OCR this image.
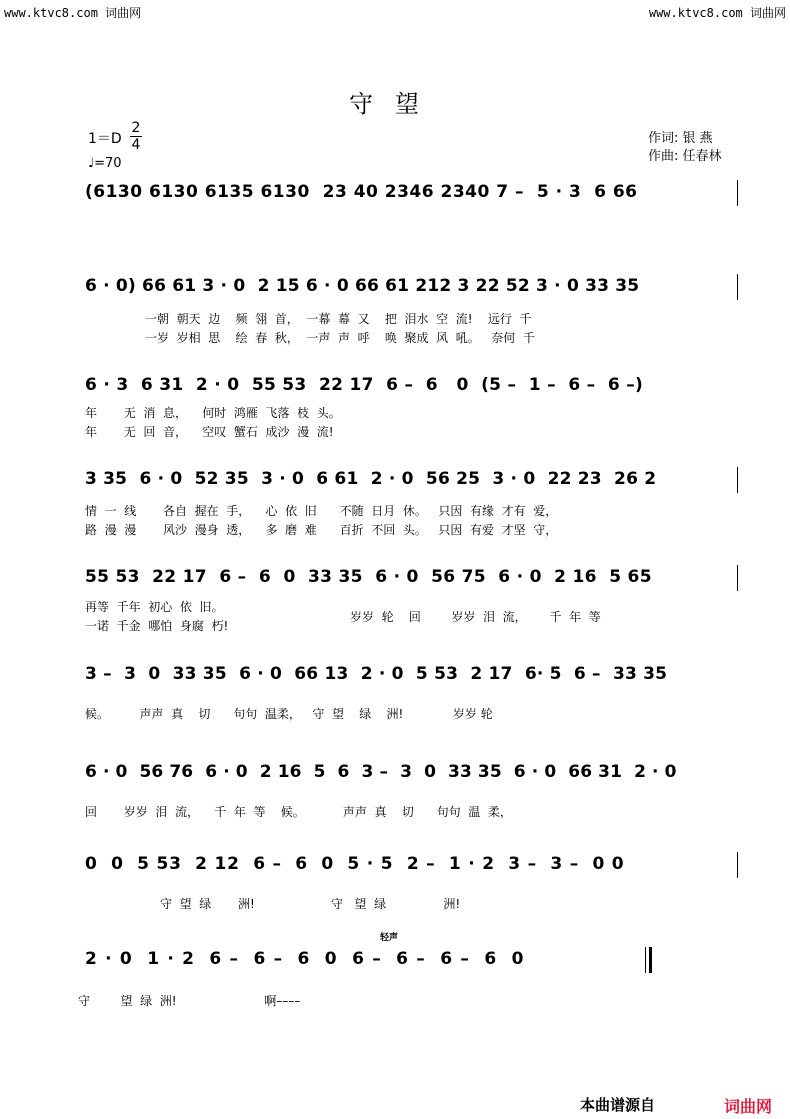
www.ktvc8.com 词曲网	www.ktvc8.com 词曲网
守望
$1=D \frac{2}{4}$
♩=70
作词: 银 燕
作曲: 任春林
(6130 6130 6135 6130  23 40 2346 2340 7 –  5 · 3  6 66
6 · 0) 66 61 3 · 0  2 15 6 · 0 66 61 212 3 22 52 3 · 0 33 35
一朝  朝天  边    频  翎  首，  一幕  幕  又    把  泪水  空  流!    远行  千
一岁  岁相  思    绘  春  秋，  一声  声  呼    唤  聚成  风  吼。   奈何  千
6 · 3  6 31  2 · 0  55 53  22 17  6 –  6   0  (5 –  1 –  6 –  6 –)
年       无  消  息，    何时  鸿雁  飞落  枝  头。
年       无  回  音，    空叹  蟹石  成沙  漫  流!
3 35  6 · 0  52 35  3 · 0  6 61  2 · 0  56 25  3 · 0  22 23  26 2
情  一  线       各自  握在  手，    心  依  旧      不随  日月  休。   只因  有缘  才有  爱，
路  漫  漫       风沙  漫身  透，    多  磨  难      百折  不回  头。   只因  有爱  才坚  守，
55 53  22 17  6 –  6  0  33 35  6 · 0  56 75  6 · 0  2 16  5 65
再等  千年  初心  依  旧。
一诺  千金  哪怕  身腐  朽!
岁岁  轮    回        岁岁  泪  流，      千  年  等
3 –  3  0  33 35  6 · 0  66 13  2 · 0  5 53  2 17  6· 5  6 –  33 35
候。        声声  真    切      句句  温柔，   守  望    绿    洲!             岁岁 轮
6 · 0  56 76  6 · 0  2 16  5  6  3 –  3  0  33 35  6 · 0  66 31  2 · 0
回       岁岁  泪  流，    千  年  等    候。          声声  真    切      句句  温  柔，
0  0  5 53  2 12  6 –  6  0  5 · 5  2 –  1 · 2  3 –  3 –  0 0
守  望  绿       洲!                    守   望  绿               洲!
2 · 0  1 · 2  6 –  6 –  6  0  6 –  6 –  6 –  6  0
轻声
守        望  绿  洲!                       啊––––
本曲谱源自	词曲网
